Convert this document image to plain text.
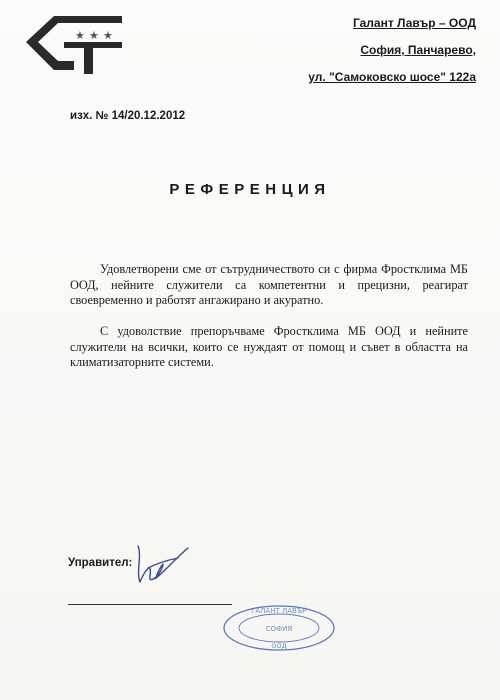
★ ★ ★
Галант Лавър – ООД
София, Панчарево,
ул. "Самоковско шосе" 122а
изх. № 14/20.12.2012
РЕФЕРЕНЦИЯ

Удовлетворени сме от сътрудничеството си с фирма Фростклима МБ ООД, нейните служители са компетентни и прецизни, реагират своевременно и работят ангажирано и акуратно.

С удоволствие препоръчваме Фростклима МБ ООД и нейните служители на всички, които се нуждаят от помощ и съвет в областта на климатизаторните системи.

Управител:
ГАЛАНТ ЛАВЪР
СОФИЯ
ООД
